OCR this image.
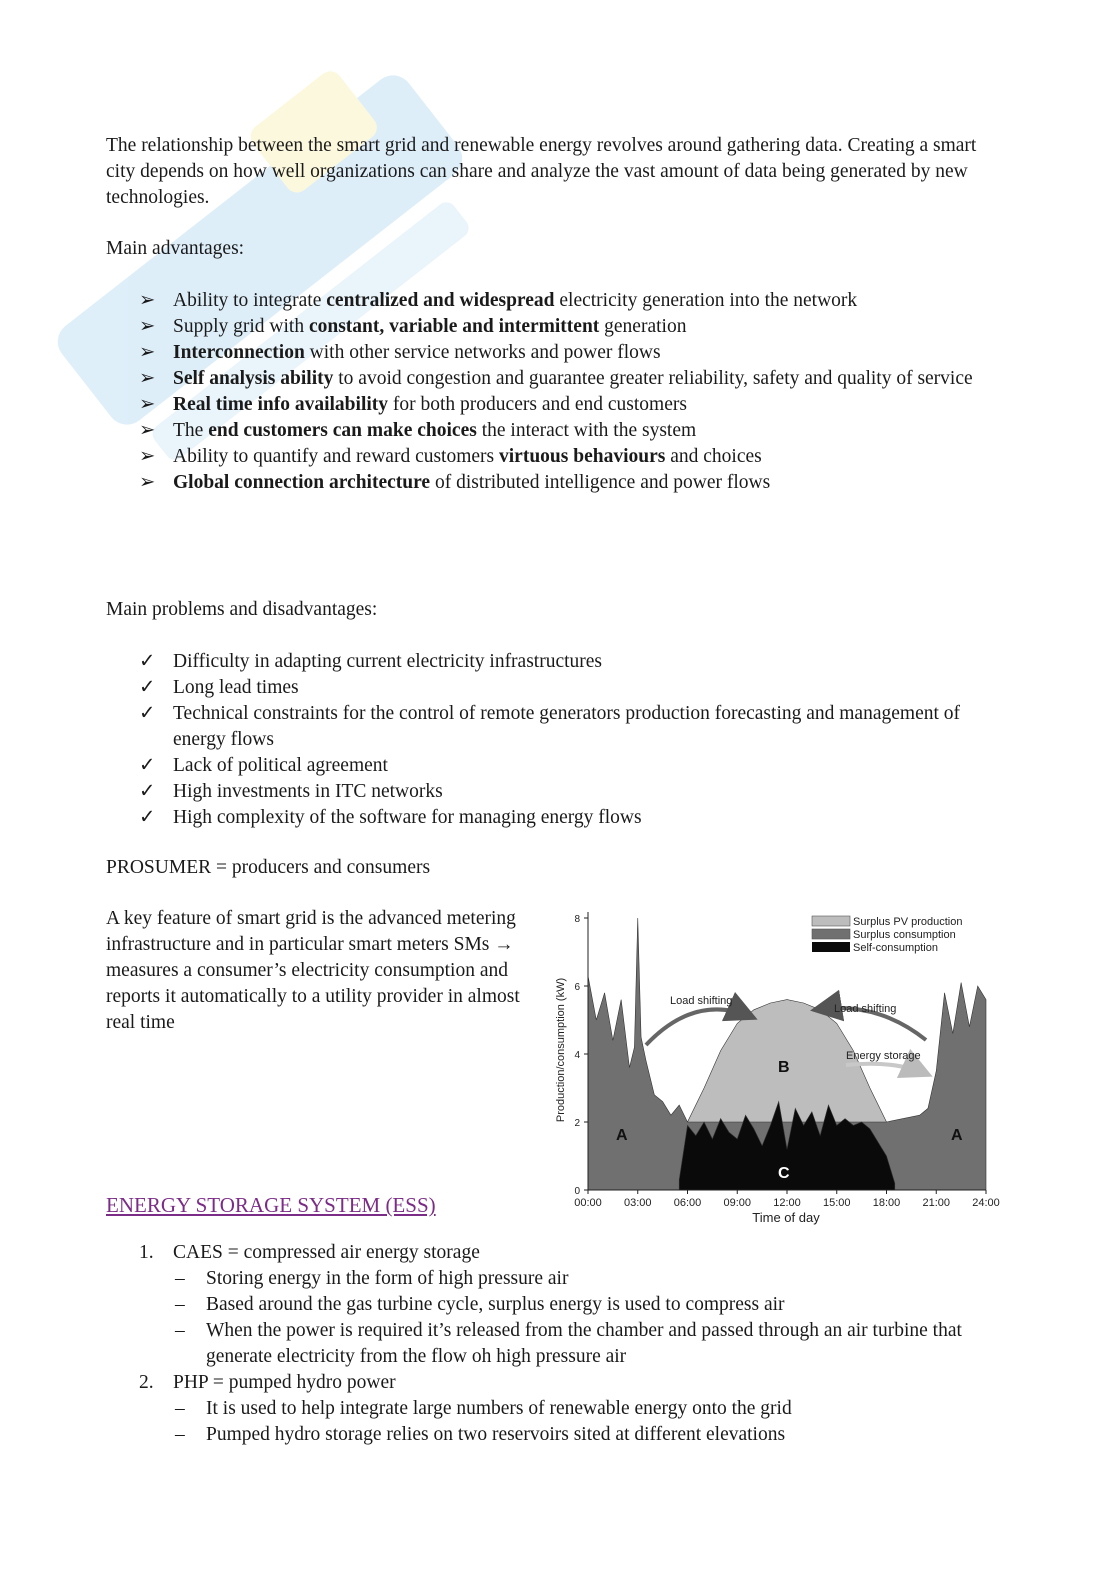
The relationship between the smart grid and renewable energy revolves around gathering data. Creating a smart city depends on how well organizations can share and analyze the vast amount of data being generated by new technologies.

Main advantages:

➢ Ability to integrate centralized and widespread electricity generation into the network
➢ Supply grid with constant, variable and intermittent generation
➢ Interconnection with other service networks and power flows
➢ Self analysis ability to avoid congestion and guarantee greater reliability, safety and quality of service
➢ Real time info availability for both producers and end customers
➢ The end customers can make choices the interact with the system
➢ Ability to quantify and reward customers virtuous behaviours and choices
➢ Global connection architecture of distributed intelligence and power flows

Main problems and disadvantages:

✓ Difficulty in adapting current electricity infrastructures
✓ Long lead times
✓ Technical constraints for the control of remote generators production forecasting and management of energy flows
✓ Lack of political agreement
✓ High investments in ITC networks
✓ High complexity of the software for managing energy flows

PROSUMER = producers and consumers

A key feature of smart grid is the advanced metering infrastructure and in particular smart meters SMs → measures a consumer’s electricity consumption and reports it automatically to a utility provider in almost real time

00:00 03:00 06:00 09:00 12:00 15:00 18:00 21:00 24:00
0
2
4
6
8
Load shifting
Load shifting
Energy storage
A
B
C
A
Surplus PV production
Surplus consumption
Self-consumption
Time of day
Production/consumption (kW)

ENERGY STORAGE SYSTEM (ESS)

1. CAES = compressed air energy storage
– Storing energy in the form of high pressure air
– Based around the gas turbine cycle, surplus energy is used to compress air
– When the power is required it’s released from the chamber and passed through an air turbine that generate electricity from the flow oh high pressure air
2. PHP = pumped hydro power
– It is used to help integrate large numbers of renewable energy onto the grid
– Pumped hydro storage relies on two reservoirs sited at different elevations
